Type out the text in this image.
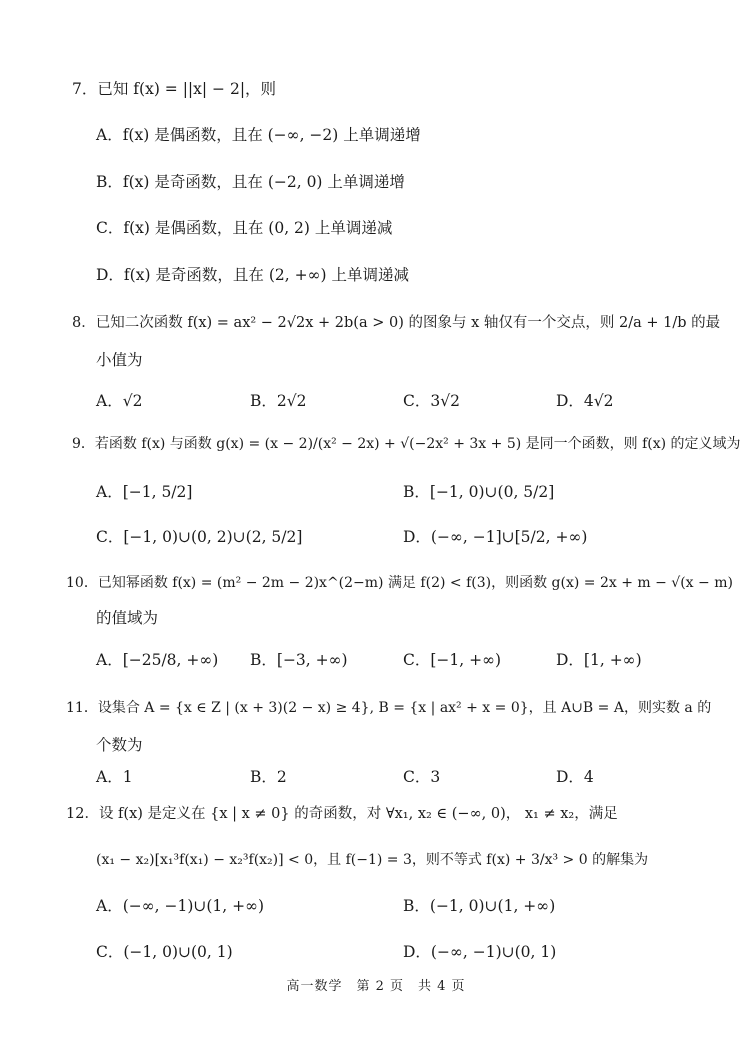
7．已知 f(x) = ||x| − 2|，则
A．f(x) 是偶函数，且在 (−∞, −2) 上单调递增
B．f(x) 是奇函数，且在 (−2, 0) 上单调递增
C．f(x) 是偶函数，且在 (0, 2) 上单调递减
D．f(x) 是奇函数，且在 (2, +∞) 上单调递减
8．已知二次函数 f(x) = ax² − 2√2x + 2b(a > 0) 的图象与 x 轴仅有一个交点，则 2/a + 1/b 的最
小值为
A．√2	B．2√2	C．3√2	D．4√2
9．若函数 f(x) 与函数 g(x) = (x − 2)/(x² − 2x) + √(−2x² + 3x + 5) 是同一个函数，则 f(x) 的定义域为
A．[−1, 5/2]	B．[−1, 0)∪(0, 5/2]
C．[−1, 0)∪(0, 2)∪(2, 5/2]	D．(−∞, −1]∪[5/2, +∞)
10．已知幂函数 f(x) = (m² − 2m − 2)x^(2−m) 满足 f(2) < f(3)，则函数 g(x) = 2x + m − √(x − m)
的值域为
A．[−25/8, +∞) B．[−3, +∞)	C．[−1, +∞)	D．[1, +∞)
11．设集合 A = {x ∈ Z | (x + 3)(2 − x) ≥ 4}, B = {x | ax² + x = 0}，且 A∪B = A，则实数 a 的
个数为
A．1	B．2	C．3	D．4
12．设 f(x) 是定义在 {x | x ≠ 0} 的奇函数，对 ∀x₁, x₂ ∈ (−∞, 0)， x₁ ≠ x₂，满足
(x₁ − x₂)[x₁³f(x₁) − x₂³f(x₂)] < 0，且 f(−1) = 3，则不等式 f(x) + 3/x³ > 0 的解集为
A．(−∞, −1)∪(1, +∞)	B．(−1, 0)∪(1, +∞)
C．(−1, 0)∪(0, 1)	D．(−∞, −1)∪(0, 1)
高一数学　第 2 页　共 4 页
